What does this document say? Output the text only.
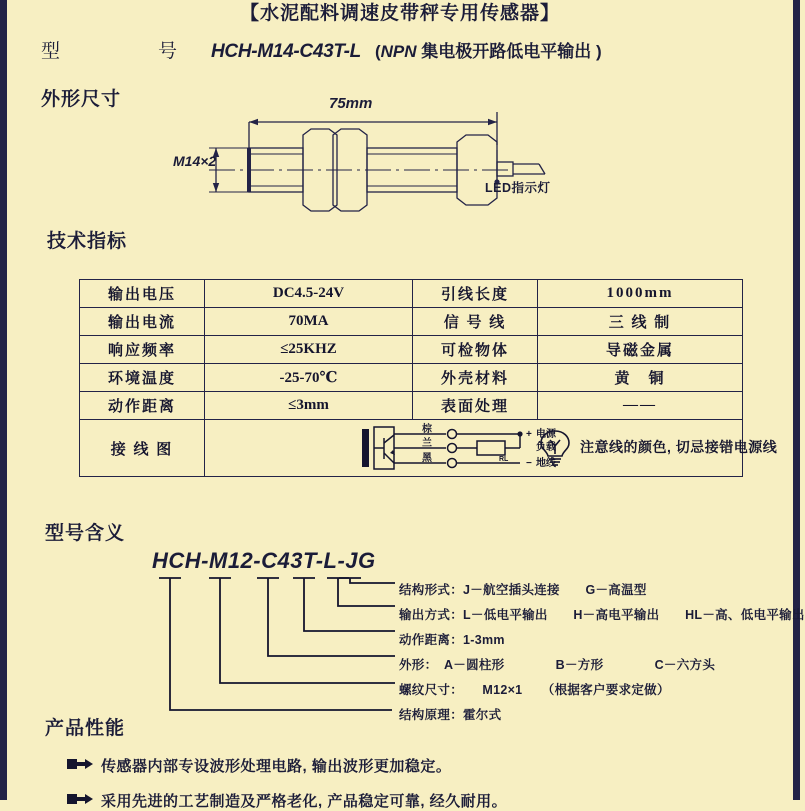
【水泥配料调速皮带秤专用传感器】
型　　号 HCH-M14-C43T-L (NPN 集电极开路低电平输出 )
外形尺寸	75mm
M14×2
LED指示灯
技术指标
输出电压	DC4.5-24V	引线长度	1000mm
输出电流	70MA	信 号 线	三 线 制
响应频率	≤25KHZ	可检物体	导磁金属
环境温度	-25-70℃	外壳材料	黄　铜
动作距离	≤3mm	表面处理	——
接 线 图	
棕
兰
黑	RL
+ 电源
负载
− 地线
注意线的颜色, 切忌接错电源线
型号含义
HCH-M12-C43T-L-JG
结构形式：J－航空插头连接　　G－高温型
输出方式：L－低电平输出　　H－高电平输出　　HL－高、低电平输出
动作距离：1-3mm
外形：　A－圆柱形　　　　B－方形　　　　C－六方头
螺纹尺寸：　　M12×1　　（根据客户要求定做）
结构原理：霍尔式
产品性能
传感器内部专设波形处理电路, 输出波形更加稳定。
采用先进的工艺制造及严格老化, 产品稳定可靠, 经久耐用。
